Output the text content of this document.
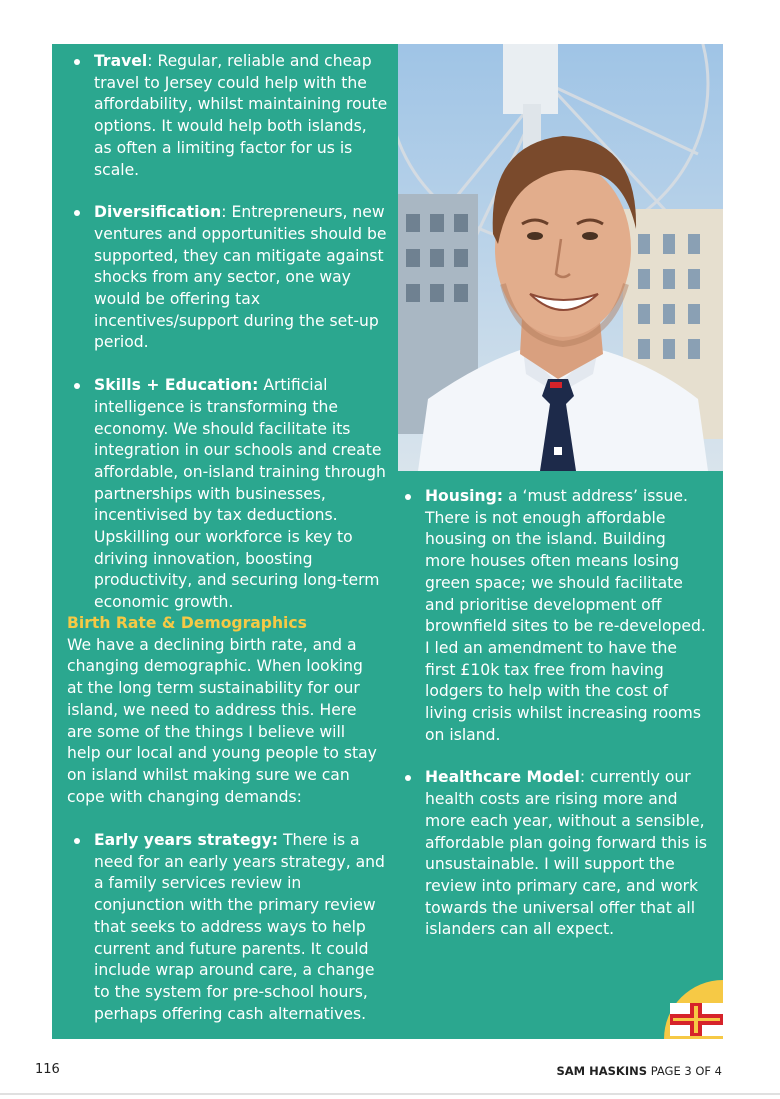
Travel: Regular, reliable and cheap travel to Jersey could help with the affordability, whilst maintaining route options. It would help both islands, as often a limiting factor for us is scale.
Diversification: Entrepreneurs, new ventures and opportunities should be supported, they can mitigate against shocks from any sector, one way would be offering tax incentives/support during the set-up period.
Skills + Education: Artificial intelligence is transforming the economy. We should facilitate its integration in our schools and create affordable, on-island training through partnerships with businesses, incentivised by tax deductions. Upskilling our workforce is key to driving innovation, boosting productivity, and securing long-term economic growth.
Birth Rate & Demographics
We have a declining birth rate, and a changing demographic. When looking at the long term sustainability for our island, we need to address this. Here are some of the things I believe will help our local and young people to stay on island whilst making sure we can cope with changing demands:
Early years strategy: There is a need for an early years strategy, and a family services review in conjunction with the primary review that seeks to address ways to help current and future parents. It could include wrap around care, a change to the system for pre-school hours, perhaps offering cash alternatives.
Housing: a ‘must address’ issue. There is not enough affordable housing on the island. Building more houses often means losing green space; we should facilitate and prioritise development off brownfield sites to be re-developed. I led an amendment to have the first £10k tax free from having lodgers to help with the cost of living crisis whilst increasing rooms on island.
Healthcare Model: currently our health costs are rising more and more each year, without a sensible, affordable plan going forward this is unsustainable. I will support the review into primary care, and work towards the universal offer that all islanders can all expect.
116	SAM HASKINS PAGE 3 OF 4
